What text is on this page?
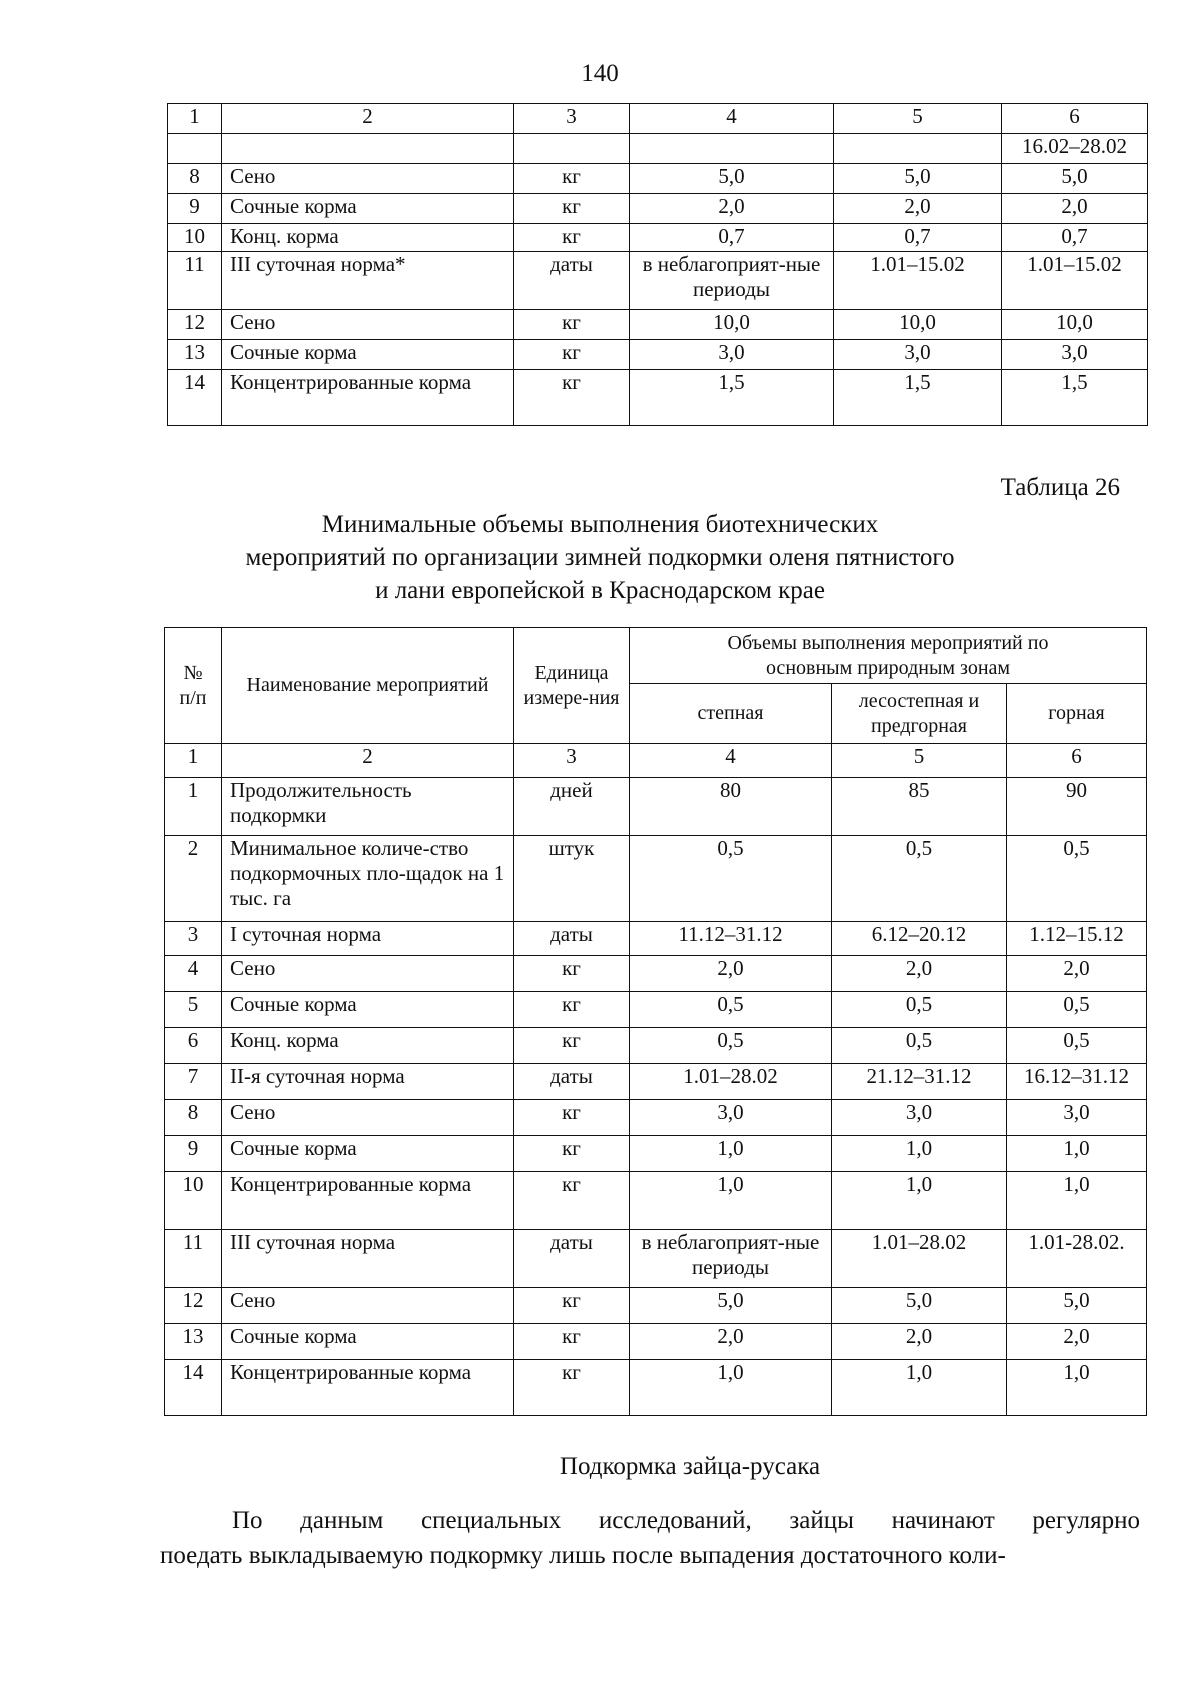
140
1	2	3	4	5	6
					16.02–28.02
8	Сено	кг	5,0	5,0	5,0
9	Сочные корма	кг	2,0	2,0	2,0
10	Конц. корма	кг	0,7	0,7	0,7
11	III суточная норма*	даты	в неблагоприят-ные периоды	1.01–15.02	1.01–15.02
12	Сено	кг	10,0	10,0	10,0
13	Сочные корма	кг	3,0	3,0	3,0
14	Концентрированные корма	кг	1,5	1,5	1,5
Таблица 26
Минимальные объемы выполнения биотехнических
мероприятий по организации зимней подкормки оленя пятнистого
и лани европейской в Краснодарском крае
№ п/п	Наименование мероприятий	Единица измере-ния	Объемы выполнения мероприятий по основным природным зонам		
			степная	лесостепная и предгорная	горная
1	2	3	4	5	6
1	Продолжительность подкормки	дней	80	85	90
2	Минимальное количе-ство подкормочных пло-щадок на 1 тыс. га	штук	0,5	0,5	0,5
3	I суточная норма	даты	11.12–31.12	6.12–20.12	1.12–15.12
4	Сено	кг	2,0	2,0	2,0
5	Сочные корма	кг	0,5	0,5	0,5
6	Конц. корма	кг	0,5	0,5	0,5
7	II-я суточная норма	даты	1.01–28.02	21.12–31.12	16.12–31.12
8	Сено	кг	3,0	3,0	3,0
9	Сочные корма	кг	1,0	1,0	1,0
10	Концентрированные корма	кг	1,0	1,0	1,0
11	III суточная норма	даты	в неблагоприят-ные периоды	1.01–28.02	1.01-28.02.
12	Сено	кг	5,0	5,0	5,0
13	Сочные корма	кг	2,0	2,0	2,0
14	Концентрированные корма	кг	1,0	1,0	1,0
Подкормка зайца-русака
По данным специальных исследований, зайцы начинают регулярно
поедать выкладываемую подкормку лишь после выпадения достаточного коли-
